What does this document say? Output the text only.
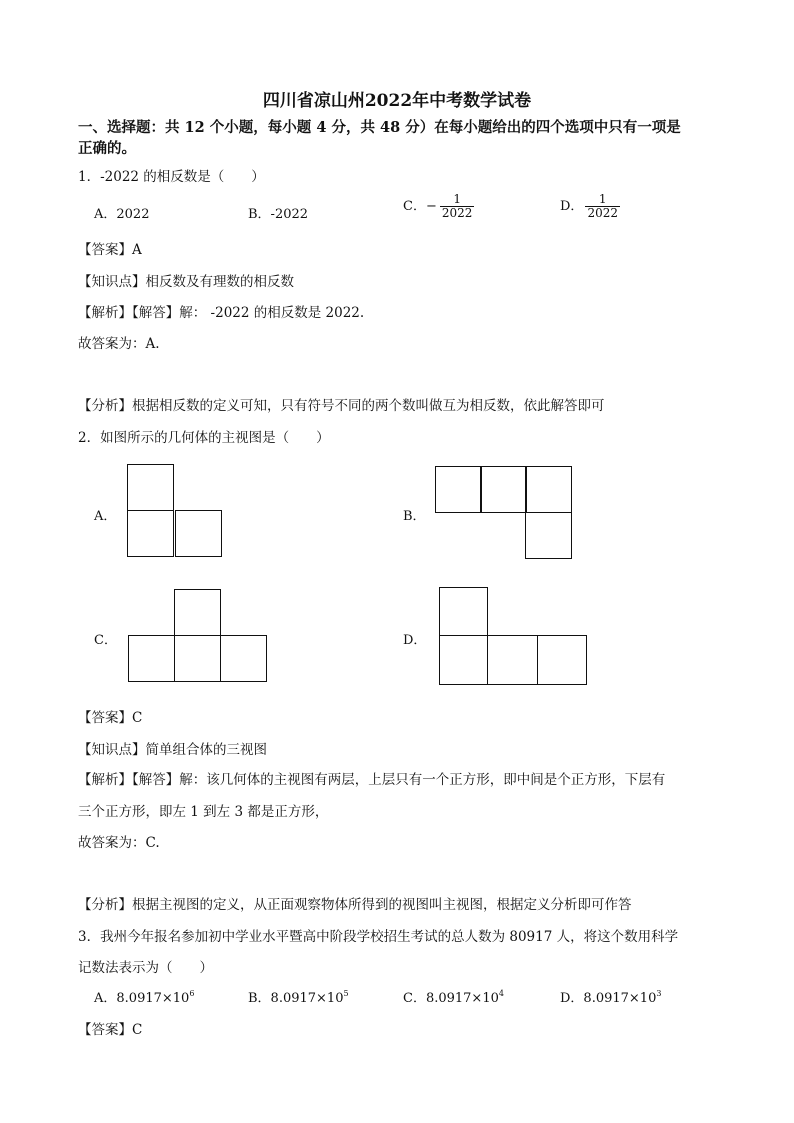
四川省凉山州2022年中考数学试卷
一、选择题：共 12 个小题，每小题 4 分，共 48 分）在每小题给出的四个选项中只有一项是
正确的。
1．-2022 的相反数是（　　）
A．2022	B．-2022
C．− $\frac{1}{2022}$	D． $\frac{1}{2022}$
【答案】A
【知识点】相反数及有理数的相反数
【解析】【解答】解： -2022 的相反数是 2022.
故答案为：A.
【分析】根据相反数的定义可知，只有符号不同的两个数叫做互为相反数，依此解答即可
2．如图所示的几何体的主视图是（　　）
A．	B．
C．	D．
【答案】C
【知识点】简单组合体的三视图
【解析】【解答】解：该几何体的主视图有两层，上层只有一个正方形，即中间是个正方形，下层有
三个正方形，即左 1 到左 3 都是正方形，
故答案为：C.
【分析】根据主视图的定义，从正面观察物体所得到的视图叫主视图，根据定义分析即可作答
3．我州今年报名参加初中学业水平暨高中阶段学校招生考试的总人数为 80917 人，将这个数用科学
记数法表示为（　　）
A．$8.0917\times 10^6$	B．$8.0917\times 10^5$	C．$8.0917\times 10^4$	D．$8.0917\times 10^3$
【答案】C
